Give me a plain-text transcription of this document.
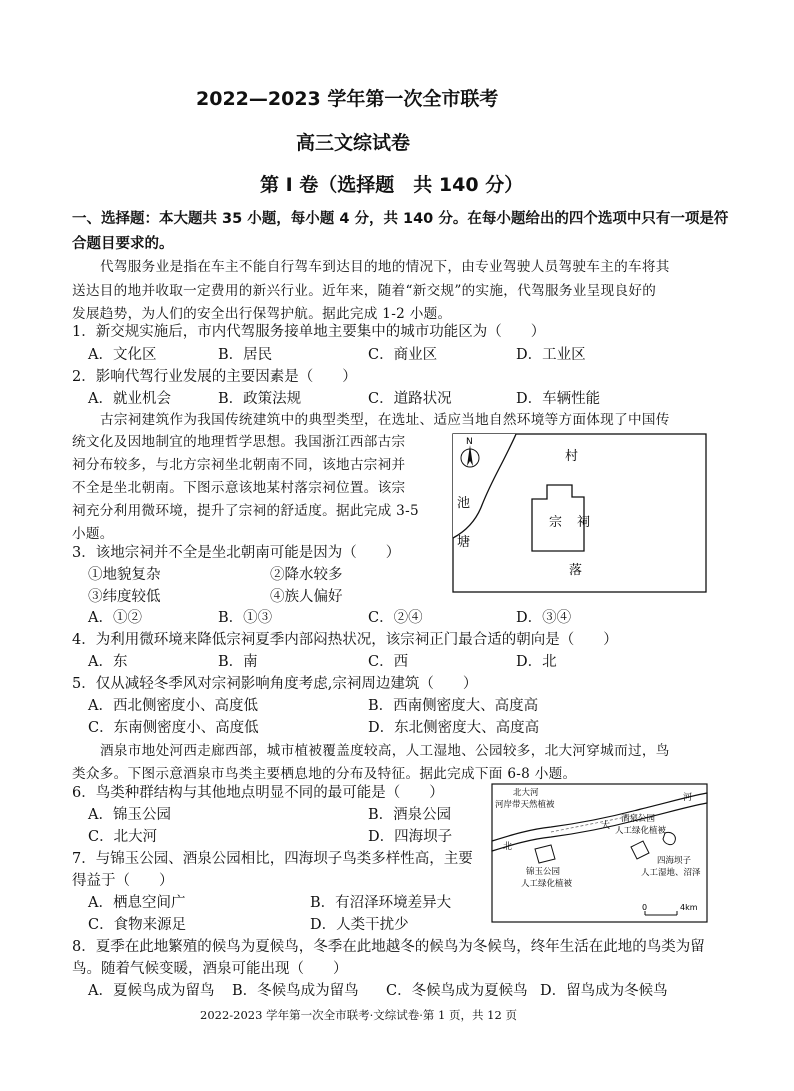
2022—2023 学年第一次全市联考
高三文综试卷
第 I 卷（选择题　共 140 分）
一、选择题：本大题共 35 小题，每小题 4 分，共 140 分。在每小题给出的四个选项中只有一项是符
合题目要求的。
代驾服务业是指在车主不能自行驾车到达目的地的情况下，由专业驾驶人员驾驶车主的车将其
送达目的地并收取一定费用的新兴行业。近年来，随着“新交规”的实施，代驾服务业呈现良好的
发展趋势，为人们的安全出行保驾护航。据此完成 1-2 小题。
1．新交规实施后，市内代驾服务接单地主要集中的城市功能区为（　　）
A．文化区	B．居民	C．商业区	D．工业区
2．影响代驾行业发展的主要因素是（　　）
A．就业机会	B．政策法规	C．道路状况	D．车辆性能
古宗祠建筑作为我国传统建筑中的典型类型，在选址、适应当地自然环境等方面体现了中国传
统文化及因地制宜的地理哲学思想。我国浙江西部古宗
祠分布较多，与北方宗祠坐北朝南不同，该地古宗祠并
不全是坐北朝南。下图示意该地某村落宗祠位置。该宗
祠充分利用微环境，提升了宗祠的舒适度。据此完成 3-5
小题。
N
村
池
塘
宗 祠
落
3．该地宗祠并不全是坐北朝南可能是因为（　　）
①地貌复杂	②降水较多
③纬度较低	④族人偏好
A．①②	B．①③	C．②④	D．③④
4．为利用微环境来降低宗祠夏季内部闷热状况，该宗祠正门最合适的朝向是（　　）
A．东	B．南	C．西	D．北
5．仅从减轻冬季风对宗祠影响角度考虑,宗祠周边建筑（　　）
A．西北侧密度小、高度低	B．西南侧密度大、高度高
C．东南侧密度小、高度低	D．东北侧密度大、高度高
酒泉市地处河西走廊西部，城市植被覆盖度较高，人工湿地、公园较多，北大河穿城而过，鸟
类众多。下图示意酒泉市鸟类主要栖息地的分布及特征。据此完成下面 6-8 小题。
6．鸟类种群结构与其他地点明显不同的最可能是（　　）
A．锦玉公园	B．酒泉公园
C．北大河	D．四海坝子
7．与锦玉公园、酒泉公园相比，四海坝子鸟类多样性高，主要
得益于（　　）
A．栖息空间广	B．有沼泽环境差异大
C．食物来源足	D．人类干扰少
河
大
北
北大河
河岸带天然植被
酒泉公园
人工绿化植被
锦玉公园
人工绿化植被
四海坝子
人工湿地、沼泽
0	4km
8．夏季在此地繁殖的候鸟为夏候鸟，冬季在此地越冬的候鸟为冬候鸟，终年生活在此地的鸟类为留
鸟。随着气候变暖，酒泉可能出现（　　）
A．夏候鸟成为留鸟 B．冬候鸟成为留鸟 C．冬候鸟成为夏候鸟 D．留鸟成为冬候鸟
2022-2023 学年第一次全市联考·文综试卷·第 1 页，共 12 页
